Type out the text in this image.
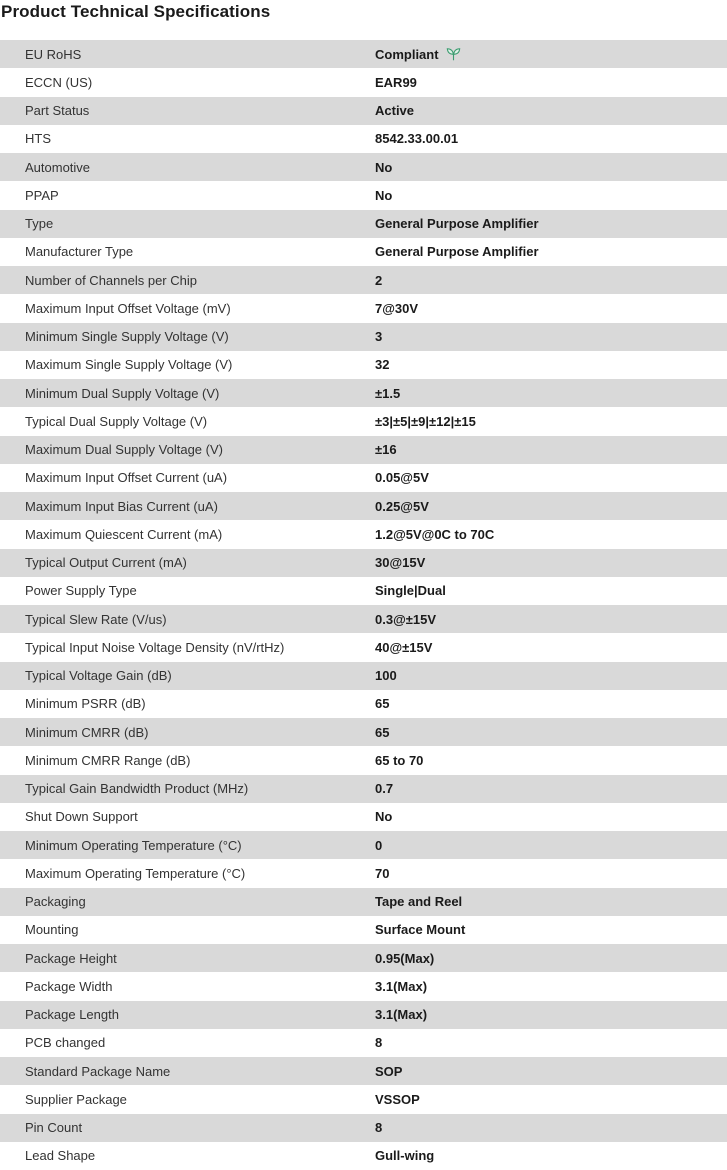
Product Technical Specifications
EU RoHS	Compliant
ECCN (US)	EAR99
Part Status	Active
HTS	8542.33.00.01
Automotive	No
PPAP	No
Type	General Purpose Amplifier
Manufacturer Type	General Purpose Amplifier
Number of Channels per Chip	2
Maximum Input Offset Voltage (mV)	7@30V
Minimum Single Supply Voltage (V)	3
Maximum Single Supply Voltage (V)	32
Minimum Dual Supply Voltage (V)	±1.5
Typical Dual Supply Voltage (V)	±3|±5|±9|±12|±15
Maximum Dual Supply Voltage (V)	±16
Maximum Input Offset Current (uA)	0.05@5V
Maximum Input Bias Current (uA)	0.25@5V
Maximum Quiescent Current (mA)	1.2@5V@0C to 70C
Typical Output Current (mA)	30@15V
Power Supply Type	Single|Dual
Typical Slew Rate (V/us)	0.3@±15V
Typical Input Noise Voltage Density (nV/rtHz)	40@±15V
Typical Voltage Gain (dB)	100
Minimum PSRR (dB)	65
Minimum CMRR (dB)	65
Minimum CMRR Range (dB)	65 to 70
Typical Gain Bandwidth Product (MHz)	0.7
Shut Down Support	No
Minimum Operating Temperature (°C)	0
Maximum Operating Temperature (°C)	70
Packaging	Tape and Reel
Mounting	Surface Mount
Package Height	0.95(Max)
Package Width	3.1(Max)
Package Length	3.1(Max)
PCB changed	8
Standard Package Name	SOP
Supplier Package	VSSOP
Pin Count	8
Lead Shape	Gull-wing
